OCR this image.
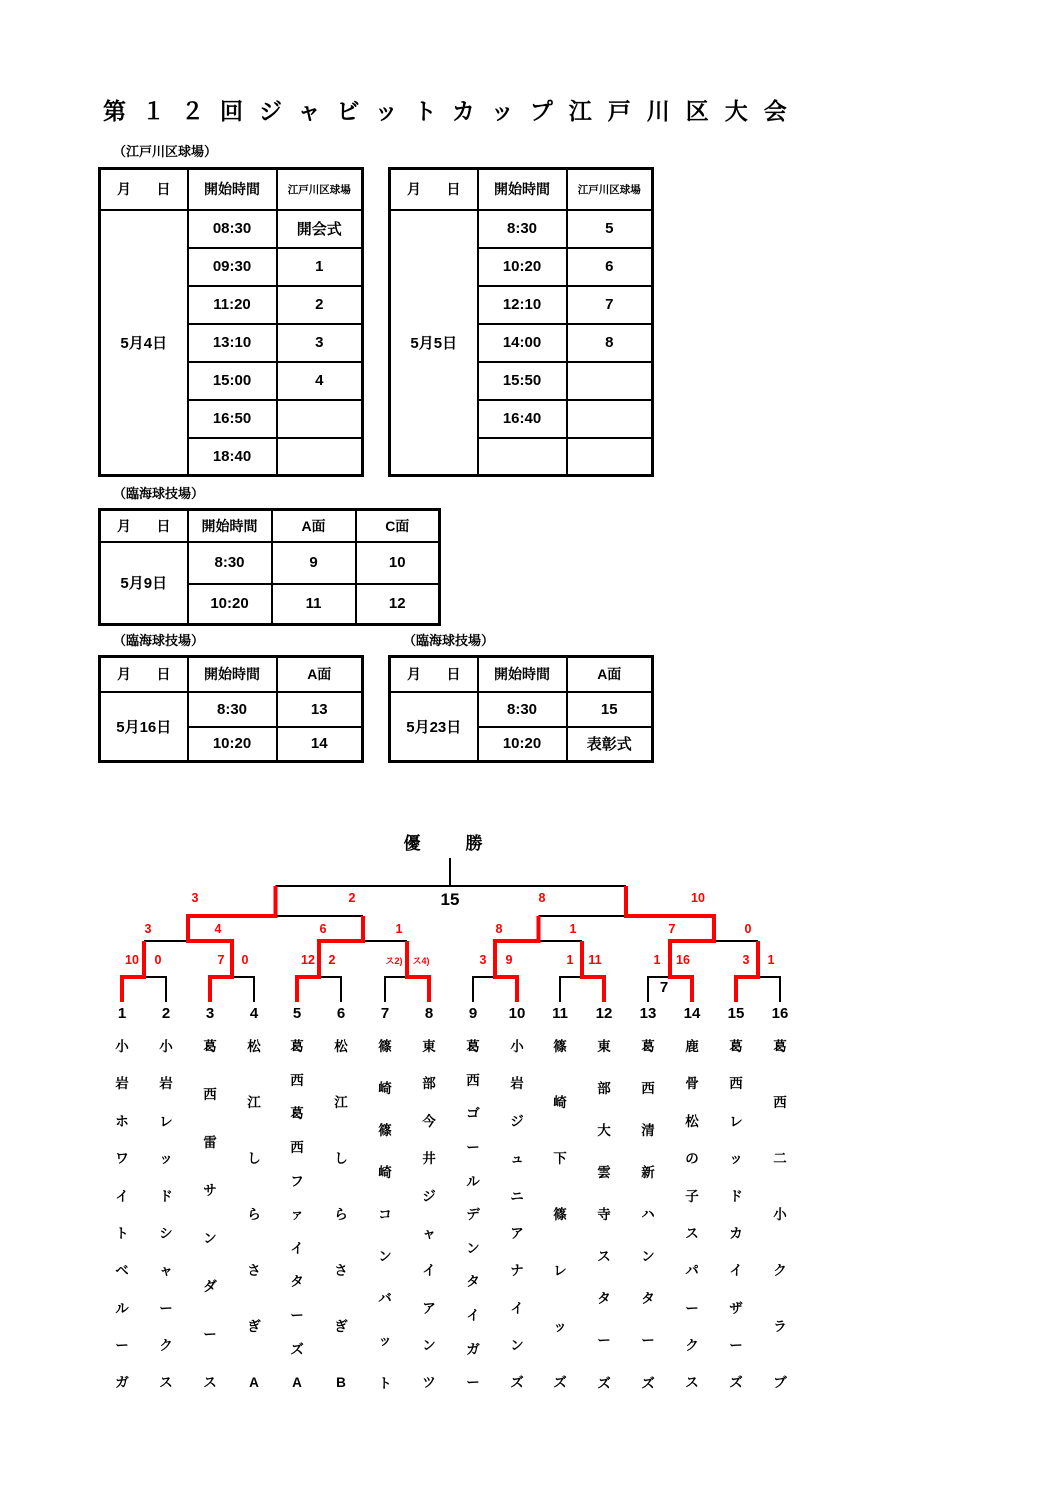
第１２回ジャビットカップ江戸川区大会
（江戸川区球場）
（臨海球技場）
（臨海球技場）	（臨海球技場）
月 日	開始時間	江戸川区球場
5月4日	08:30	開会式
	09:30	1
	11:20	2
	13:10	3
	15:00	4
	16:50	
	18:40	
月 日	開始時間	江戸川区球場
5月5日	8:30	5
	10:20	6
	12:10	7
	14:00	8
	15:50	
	16:40	

月 日	開始時間	A面	C面
5月9日	8:30	9	10
	10:20	11	12
月 日	開始時間	A面
5月16日	8:30	13
	10:20	14
月 日	開始時間	A面
5月23日	8:30	15
	10:20	表彰式
優　勝
15
7
3	2	8	10
3	4	6	1	8	1	7	0
10 0	7 0	12 2	ス2) ス4)	3 9	1 11	1 16	3 1
1 2 3 4 5 6 7 8 9 10 11 12 13 14 15 16
小
岩
ホ
ワ
イ
ト
ベ
ル
ー
ガ
小
岩
レ
ッ
ド
シ
ャ
ー
ク
ス
葛
西
雷
サ
ン
ダ
ー
ス
松
江
し
ら
さ
ぎ
A
葛
西
葛
西
フ
ァ
イ
タ
ー
ズ
A
松
江
し
ら
さ
ぎ
B
篠
崎
篠
崎
コ
ン
バ
ッ
ト
東
部
今
井
ジ
ャ
イ
ア
ン
ツ
葛
西
ゴ
ー
ル
デ
ン
タ
イ
ガ
ー
小
岩
ジ
ュ
ニ
ア
ナ
イ
ン
ズ
篠
崎
下
篠
レ
ッ
ズ
東
部
大
雲
寺
ス
タ
ー
ズ
葛
西
清
新
ハ
ン
タ
ー
ズ
鹿
骨
松
の
子
ス
パ
ー
ク
ス
葛
西
レ
ッ
ド
カ
イ
ザ
ー
ズ
葛
西
二
小
ク
ラ
ブ
